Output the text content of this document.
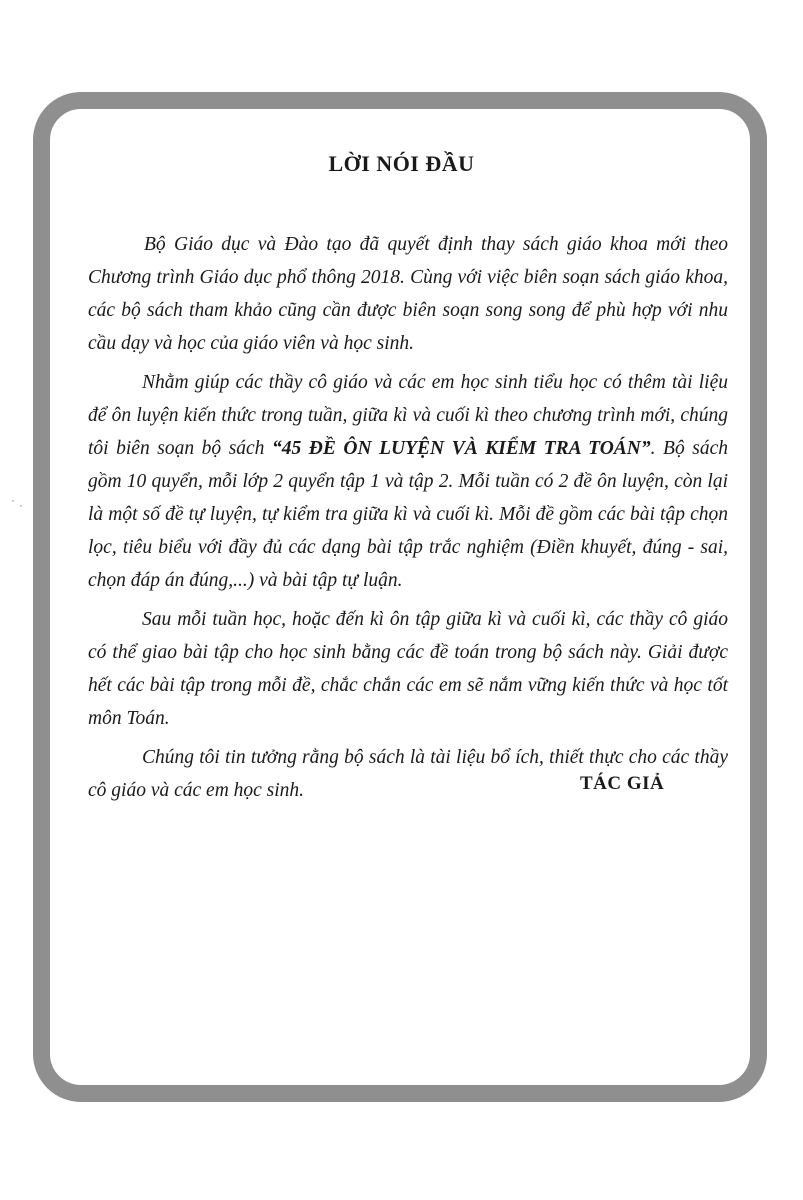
LỜI NÓI ĐẦU

Bộ Giáo dục và Đào tạo đã quyết định thay sách giáo khoa mới theo Chương trình Giáo dục phổ thông 2018. Cùng với việc biên soạn sách giáo khoa, các bộ sách tham khảo cũng cần được biên soạn song song để phù hợp với nhu cầu dạy và học của giáo viên và học sinh.

Nhằm giúp các thầy cô giáo và các em học sinh tiểu học có thêm tài liệu để ôn luyện kiến thức trong tuần, giữa kì và cuối kì theo chương trình mới, chúng tôi biên soạn bộ sách “45 ĐỀ ÔN LUYỆN VÀ KIỂM TRA TOÁN”. Bộ sách gồm 10 quyển, mỗi lớp 2 quyển tập 1 và tập 2. Mỗi tuần có 2 đề ôn luyện, còn lại là một số đề tự luyện, tự kiểm tra giữa kì và cuối kì. Mỗi đề gồm các bài tập chọn lọc, tiêu biểu với đầy đủ các dạng bài tập trắc nghiệm (Điền khuyết, đúng - sai, chọn đáp án đúng,...) và bài tập tự luận.

Sau mỗi tuần học, hoặc đến kì ôn tập giữa kì và cuối kì, các thầy cô giáo có thể giao bài tập cho học sinh bằng các đề toán trong bộ sách này. Giải được hết các bài tập trong mỗi đề, chắc chắn các em sẽ nắm vững kiến thức và học tốt môn Toán.

Chúng tôi tin tưởng rằng bộ sách là tài liệu bổ ích, thiết thực cho các thầy cô giáo và các em học sinh.	TÁC GIẢ
